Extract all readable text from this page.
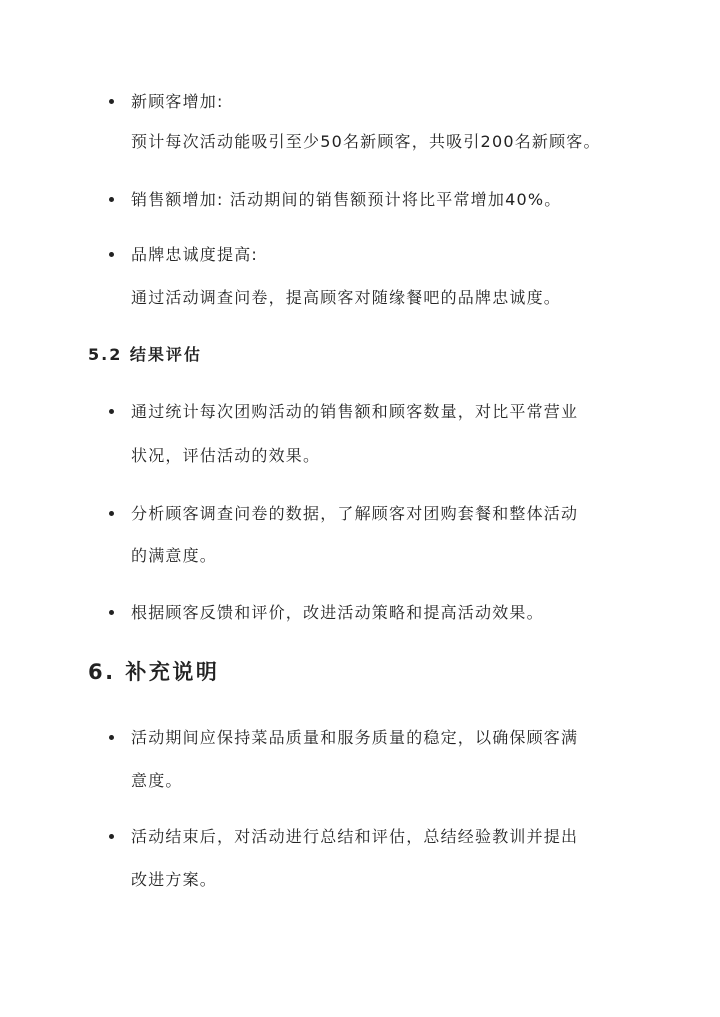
新顾客增加:
预计每次活动能吸引至少50名新顾客，共吸引200名新顾客。
销售额增加: 活动期间的销售额预计将比平常增加40%。
品牌忠诚度提高:
通过活动调查问卷，提高顾客对随缘餐吧的品牌忠诚度。
5.2 结果评估
通过统计每次团购活动的销售额和顾客数量，对比平常营业
状况，评估活动的效果。
分析顾客调查问卷的数据，了解顾客对团购套餐和整体活动
的满意度。
根据顾客反馈和评价，改进活动策略和提高活动效果。
6. 补充说明
活动期间应保持菜品质量和服务质量的稳定，以确保顾客满
意度。
活动结束后，对活动进行总结和评估，总结经验教训并提出
改进方案。
